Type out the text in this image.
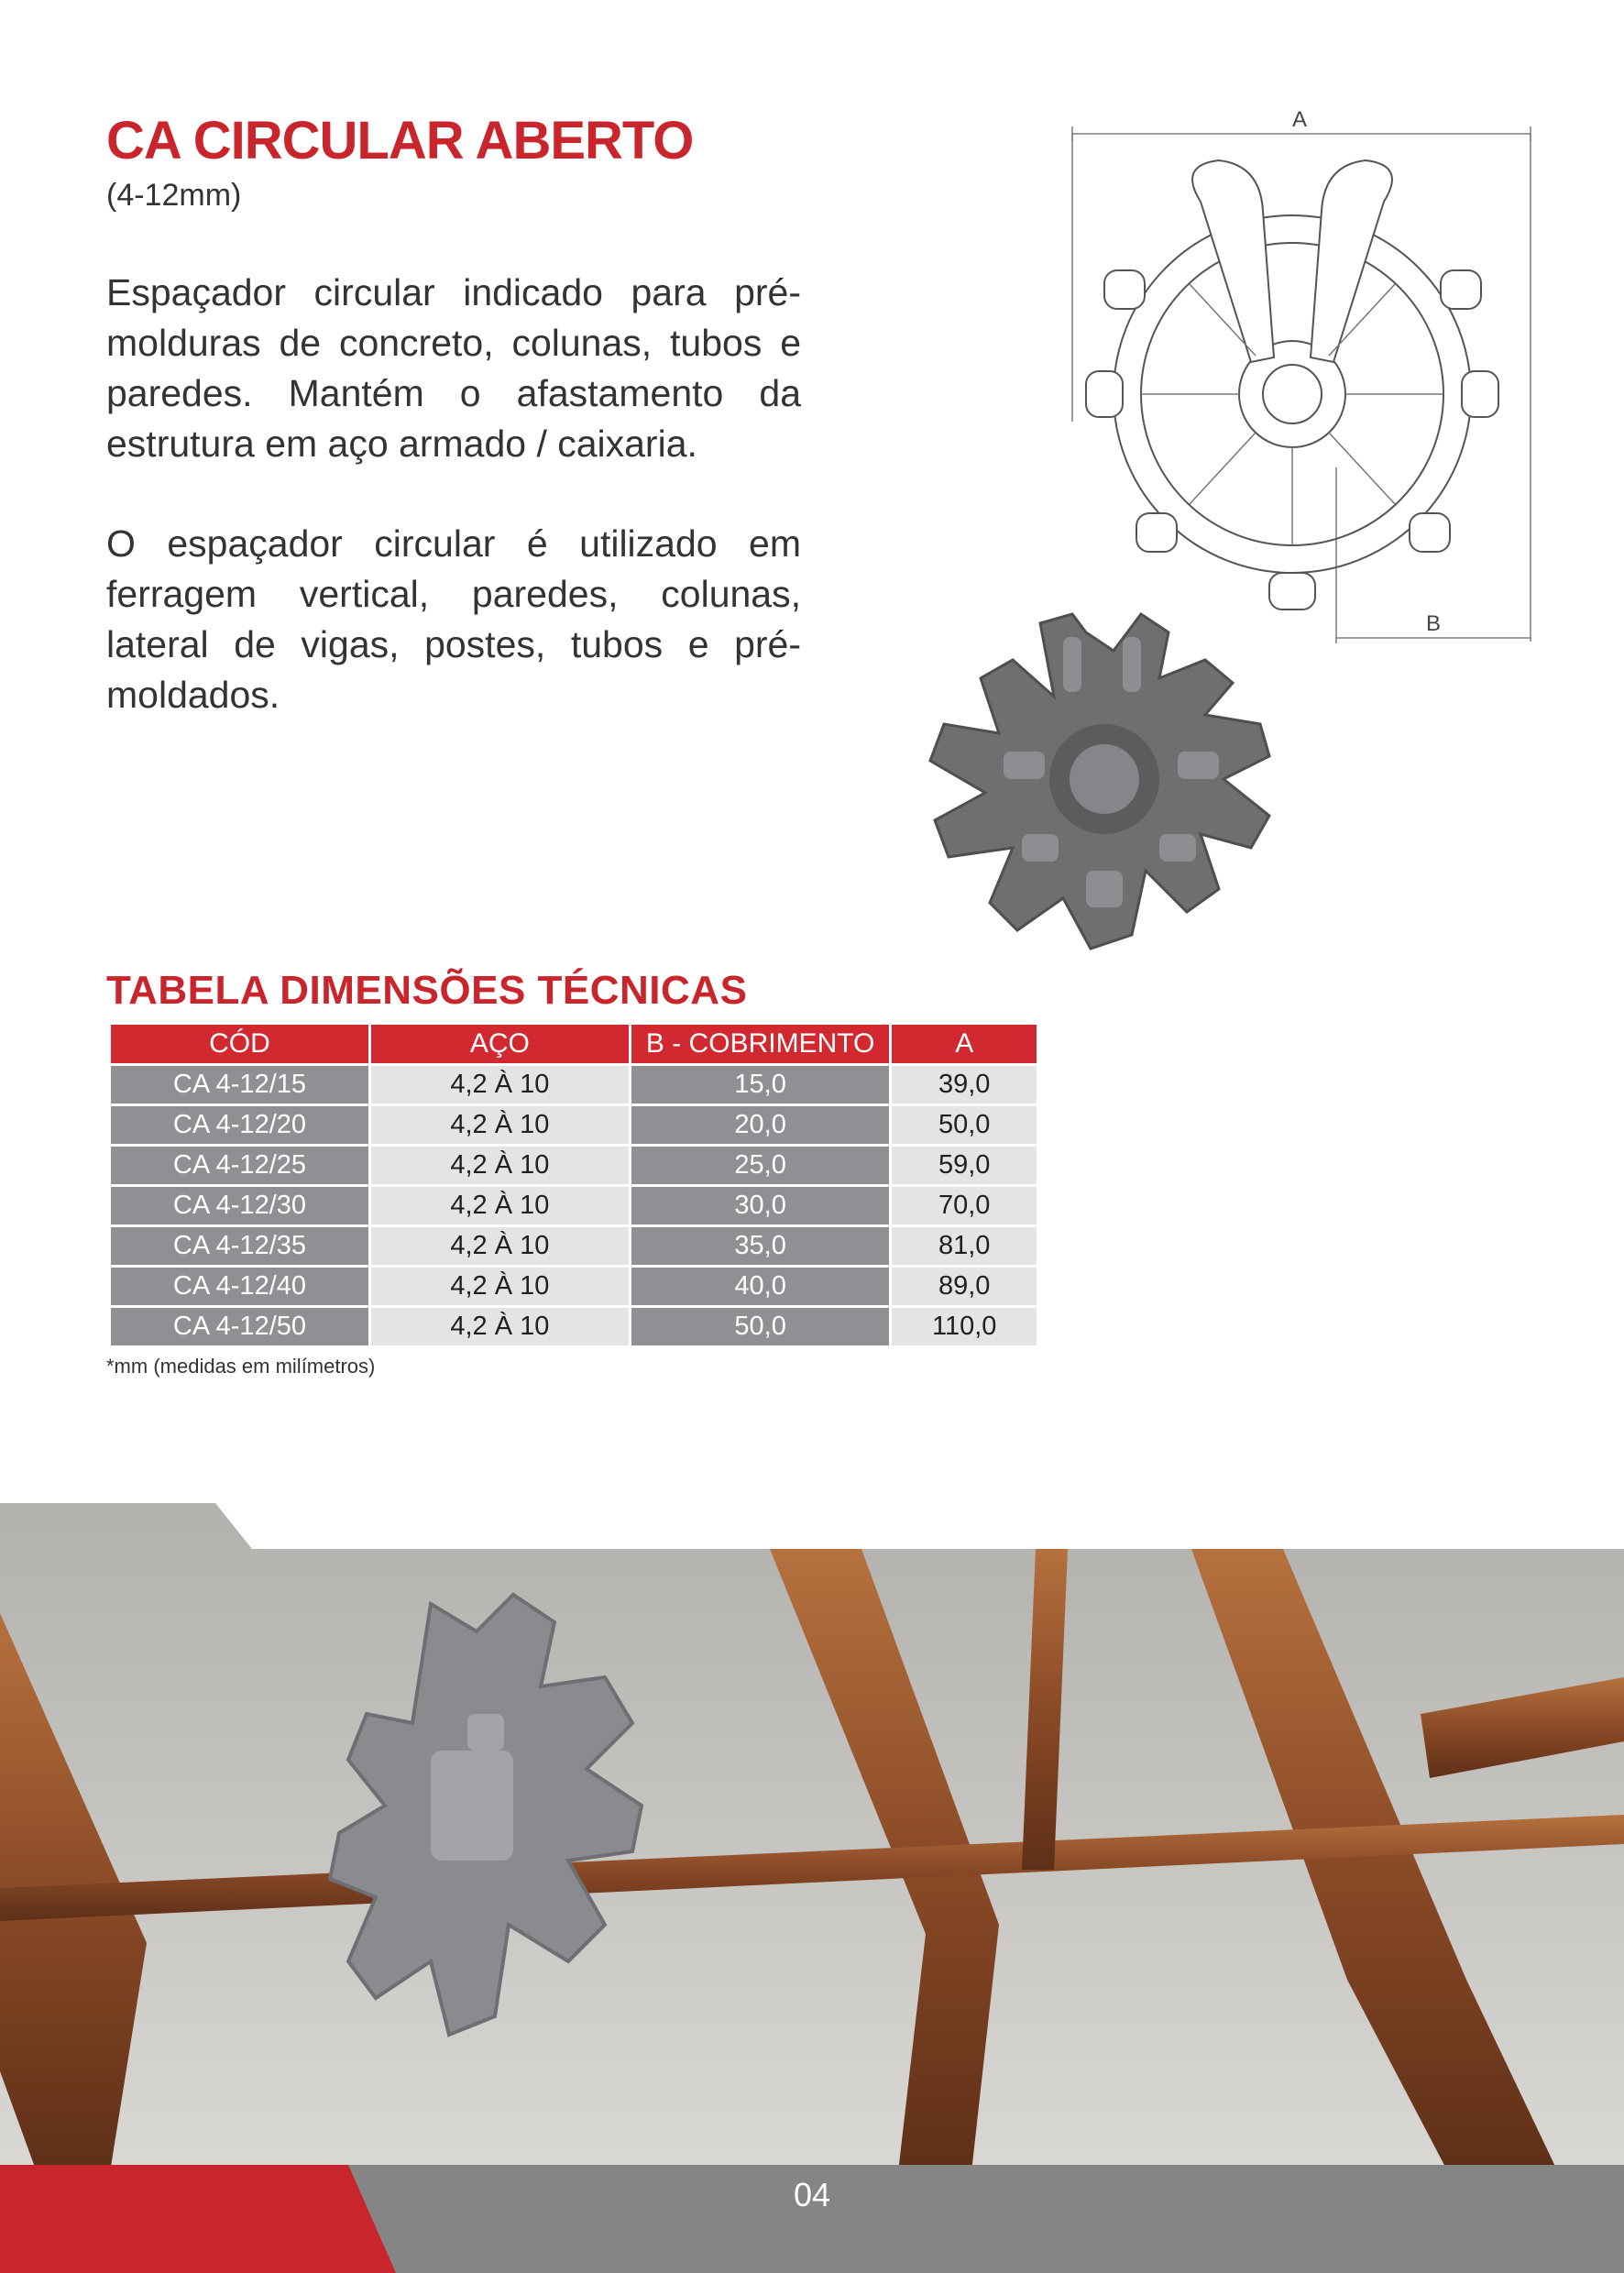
CA CIRCULAR ABERTO
(4-12mm)

Espaçador circular indicado para pré-molduras de concreto, colunas, tubos e paredes. Mantém o afastamento da estrutura em aço armado / caixaria.

O espaçador circular é utilizado em ferragem vertical, paredes, colunas, lateral de vigas, postes, tubos e pré-moldados.

A
B
TABELA DIMENSÕES TÉCNICAS
CÓD	AÇO	B - COBRIMENTO	A
CA 4-12/15	4,2 À 10	15,0	39,0
CA 4-12/20	4,2 À 10	20,0	50,0
CA 4-12/25	4,2 À 10	25,0	59,0
CA 4-12/30	4,2 À 10	30,0	70,0
CA 4-12/35	4,2 À 10	35,0	81,0
CA 4-12/40	4,2 À 10	40,0	89,0
CA 4-12/50	4,2 À 10	50,0	110,0
*mm (medidas em milímetros)
04
